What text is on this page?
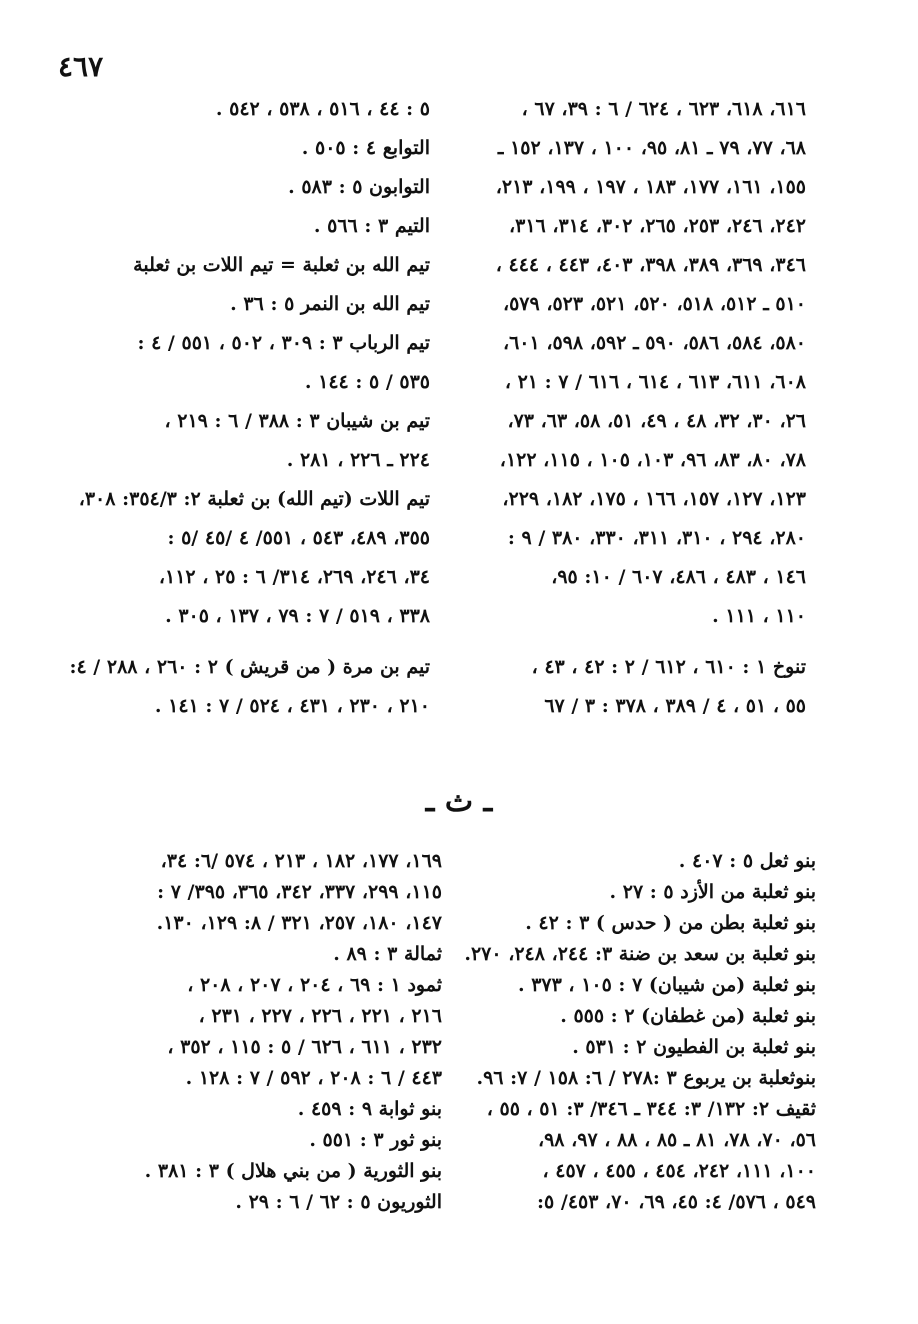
٤٦٧
٦١٦، ٦١٨، ٦٢٣ ، ٦٢٤ / ٦ : ٣٩، ٦٧ ،
٦٨، ٧٧، ٧٩ ـ ٨١، ٩٥، ١٠٠ ، ١٣٧، ١٥٢ ـ
١٥٥، ١٦١، ١٧٧، ١٨٣ ، ١٩٧ ، ١٩٩، ٢١٣،
٢٤٢، ٢٤٦، ٢٥٣، ٢٦٥، ٣٠٢، ٣١٤، ٣١٦،
٣٤٦، ٣٦٩، ٣٨٩، ٣٩٨، ٤٠٣، ٤٤٣ ، ٤٤٤ ،
٥١٠ ـ ٥١٢، ٥١٨، ٥٢٠، ٥٢١، ٥٢٣، ٥٧٩،
٥٨٠، ٥٨٤، ٥٨٦، ٥٩٠ ـ ٥٩٢، ٥٩٨، ٦٠١،
٦٠٨، ٦١١، ٦١٣ ، ٦١٤ ، ٦١٦ / ٧ : ٢١ ،
٢٦، ٣٠، ٣٢، ٤٨ ، ٤٩، ٥١، ٥٨، ٦٣، ٧٣،
٧٨، ٨٠، ٨٣، ٩٦، ١٠٣، ١٠٥ ، ١١٥، ١٢٢،
١٢٣، ١٢٧، ١٥٧، ١٦٦ ، ١٧٥، ١٨٢، ٢٢٩،
٢٨٠، ٢٩٤ ، ٣١٠، ٣١١، ٣٣٠، ٣٨٠ / ٩ :
١٤٦ ، ٤٨٣ ، ٤٨٦، ٦٠٧ / ١٠: ٩٥،
١١٠ ، ١١١ .
تنوخ ١ : ٦١٠ ، ٦١٢ / ٢ : ٤٢ ، ٤٣ ،
٥٥ ، ٥١ ، ٤ / ٣٨٩ ، ٣٧٨ : ٣ / ٦٧
٥ : ٤٤ ، ٥١٦ ، ٥٣٨ ، ٥٤٢ .
التوابع ٤ : ٥٠٥ .
التوابون ٥ : ٥٨٣ .
التيم ٣ : ٥٦٦ .
تيم الله بن ثعلبة = تيم اللات بن ثعلبة
تيم الله بن النمر ٥ : ٣٦ .
تيم الرباب ٣ : ٣٠٩ ، ٥٠٢ ، ٥٥١ / ٤ :
٥٣٥ / ٥ : ١٤٤ .
تيم بن شيبان ٣ : ٣٨٨ / ٦ : ٢١٩ ،
٢٢٤ ـ ٢٢٦ ، ٢٨١ .
تيم اللات (تيم الله) بن ثعلبة ٢: ٣٥٤/٣: ٣٠٨،
٣٥٥، ٤٨٩، ٥٤٣ ، ٥٥١/ ٤ /٤٥ /٥ :
٣٤، ٢٤٦، ٢٦٩، ٣١٤/ ٦ : ٢٥ ، ١١٢،
٣٣٨ ، ٥١٩ / ٧ : ٧٩ ، ١٣٧ ، ٣٠٥ .
تيم بن مرة ( من قريش ) ٢ : ٢٦٠ ، ٢٨٨ / ٤:
٢١٠ ، ٢٣٠ ، ٤٣١ ، ٥٢٤ / ٧ : ١٤١ .
ـ ث ـ
بنو ثعل ٥ : ٤٠٧ .
بنو ثعلبة من الأزد ٥ : ٢٧ .
بنو ثعلبة بطن من ( حدس ) ٣ : ٤٢ .
بنو ثعلبة بن سعد بن ضنة ٣: ٢٤٤، ٢٤٨، ٢٧٠.
بنو ثعلبة (من شيبان) ٧ : ١٠٥ ، ٣٧٣ .
بنو ثعلبة (من غطفان) ٢ : ٥٥٥ .
بنو ثعلبة بن الفطيون ٢ : ٥٣١ .
بنوثعلبة بن يربوع ٣ :٢٧٨ / ٦: ١٥٨ / ٧: ٩٦.
ثقيف ٢: ١٣٢/ ٣: ٣٤٤ ـ ٣٤٦/ ٣: ٥١ ، ٥٥ ،
٥٦، ٧٠، ٧٨، ٨١ ـ ٨٥ ، ٨٨ ، ٩٧، ٩٨،
١٠٠، ١١١، ٢٤٢، ٤٥٤ ، ٤٥٥ ، ٤٥٧ ،
٥٤٩ ، ٥٧٦/ ٤: ٤٥، ٦٩، ٧٠، ٤٥٣/ ٥:
١٦٩، ١٧٧، ١٨٢ ، ٢١٣ ، ٥٧٤ /٦: ٣٤،
١١٥، ٢٩٩، ٣٣٧، ٣٤٢، ٣٦٥، ٣٩٥/ ٧ :
١٤٧، ١٨٠، ٢٥٧، ٣٢١ / ٨: ١٢٩، ١٣٠.
ثمالة ٣ : ٨٩ .
ثمود ١ : ٦٩ ، ٢٠٤ ، ٢٠٧ ، ٢٠٨ ،
٢١٦ ، ٢٢١ ، ٢٢٦ ، ٢٢٧ ، ٢٣١ ،
٢٣٢ ، ٦١١ ، ٦٢٦ / ٥ : ١١٥ ، ٣٥٢ ،
٤٤٣ / ٦ : ٢٠٨ ، ٥٩٢ / ٧ : ١٢٨ .
بنو ثوابة ٩ : ٤٥٩ .
بنو ثور ٣ : ٥٥١ .
بنو الثورية ( من بني هلال ) ٣ : ٣٨١ .
الثوريون ٥ : ٦٢ / ٦ : ٢٩ .
